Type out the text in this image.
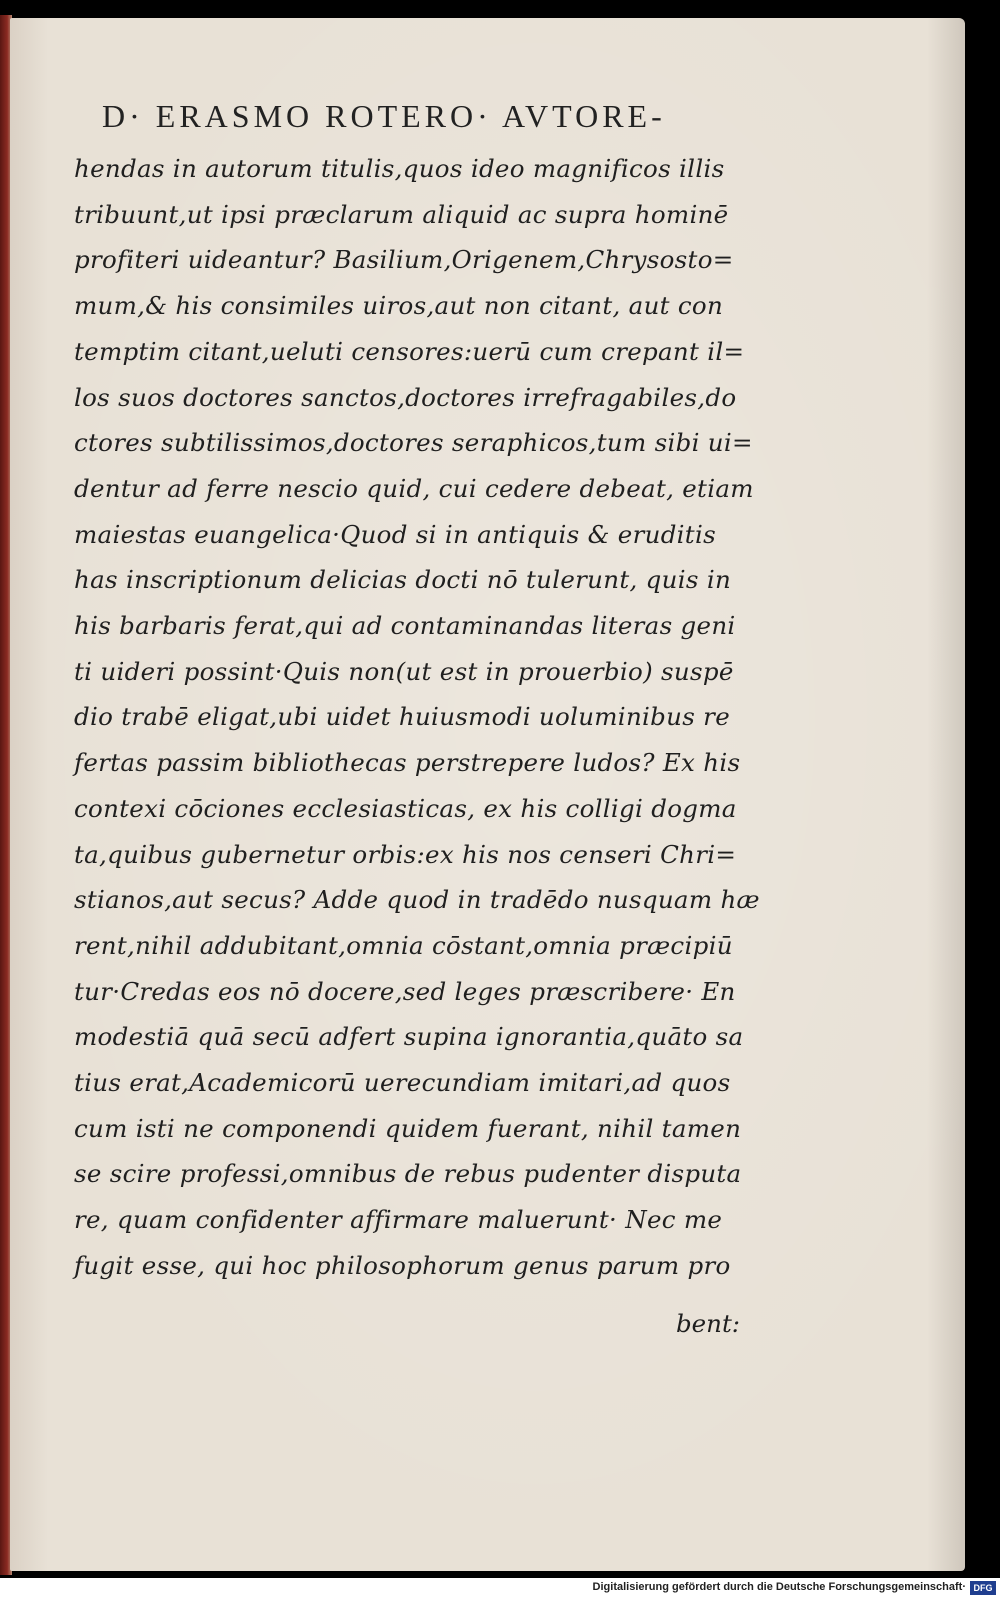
D· ERASMO ROTERO· AVTORE-
hendas in autorum titulis,quos ideo magnificos illis
tribuunt,ut ipsi præclarum aliquid ac supra hominē
profiteri uideantur? Basilium,Origenem,Chrysosto=
mum,& his consimiles uiros,aut non citant, aut con
temptim citant,ueluti censores:uerū cum crepant il=
los suos doctores sanctos,doctores irrefragabiles,do
ctores subtilissimos,doctores seraphicos,tum sibi ui=
dentur ad ferre nescio quid, cui cedere debeat, etiam
maiestas euangelica·Quod si in antiquis & eruditis
has inscriptionum delicias docti nō tulerunt, quis in
his barbaris ferat,qui ad contaminandas literas geni
ti uideri possint·Quis non(ut est in prouerbio) suspē
dio trabē eligat,ubi uidet huiusmodi uoluminibus re
fertas passim bibliothecas perstrepere ludos? Ex his
contexi cōciones ecclesiasticas, ex his colligi dogma
ta,quibus gubernetur orbis:ex his nos censeri Chri=
stianos,aut secus? Adde quod in tradēdo nusquam hæ
rent,nihil addubitant,omnia cōstant,omnia præcipiū
tur·Credas eos nō docere,sed leges præscribere· En
modestiā quā secū adfert supina ignorantia,quāto sa
tius erat,Academicorū uerecundiam imitari,ad quos
cum isti ne componendi quidem fuerant, nihil tamen
se scire professi,omnibus de rebus pudenter disputa
re, quam confidenter affirmare maluerunt· Nec me
fugit esse, qui hoc philosophorum genus parum pro
bent:
Digitalisierung gefördert durch die Deutsche Forschungsgemeinschaft· DFG
